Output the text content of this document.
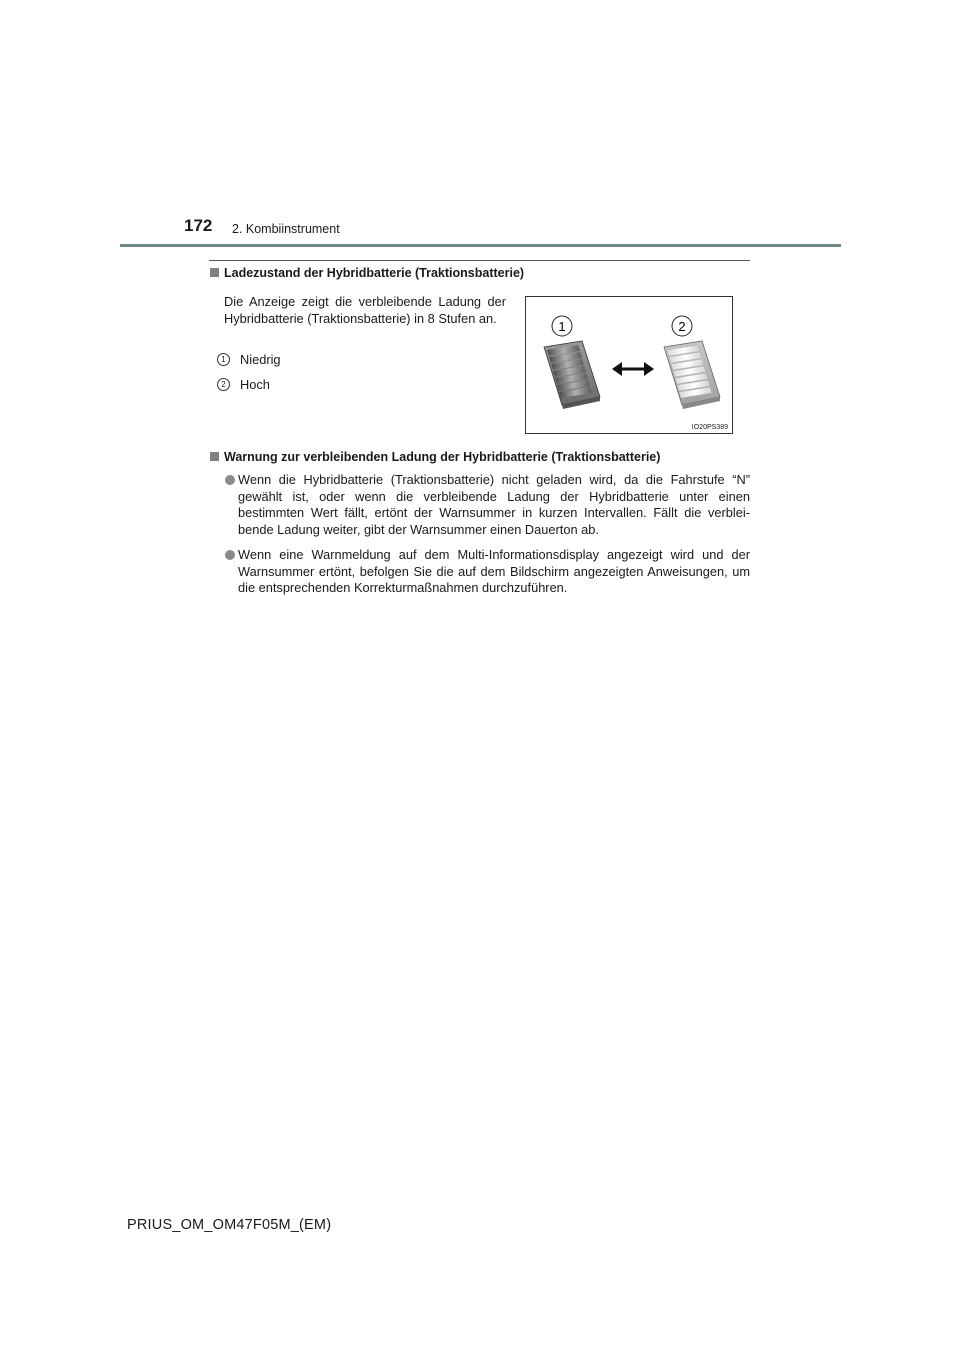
172 2. Kombiinstrument
Ladezustand der Hybridbatterie (Traktionsbatterie)
Die Anzeige zeigt die verbleibende Ladung der Hybridbatterie (Traktionsbatterie) in 8 Stufen an.
1	Niedrig
2	Hoch
1	2
IO20PS389
Warnung zur verbleibenden Ladung der Hybridbatterie (Traktionsbatterie)
Wenn die Hybridbatterie (Traktionsbatterie) nicht geladen wird, da die Fahrstufe “N” gewählt ist, oder wenn die verbleibende Ladung der Hybridbatterie unter einen bestimmten Wert fällt, ertönt der Warnsummer in kurzen Intervallen. Fällt die verblei-bende Ladung weiter, gibt der Warnsummer einen Dauerton ab.
Wenn eine Warnmeldung auf dem Multi-Informationsdisplay angezeigt wird und der Warnsummer ertönt, befolgen Sie die auf dem Bildschirm angezeigten Anweisungen, um die entsprechenden Korrekturmaßnahmen durchzuführen.
PRIUS_OM_OM47F05M_(EM)
